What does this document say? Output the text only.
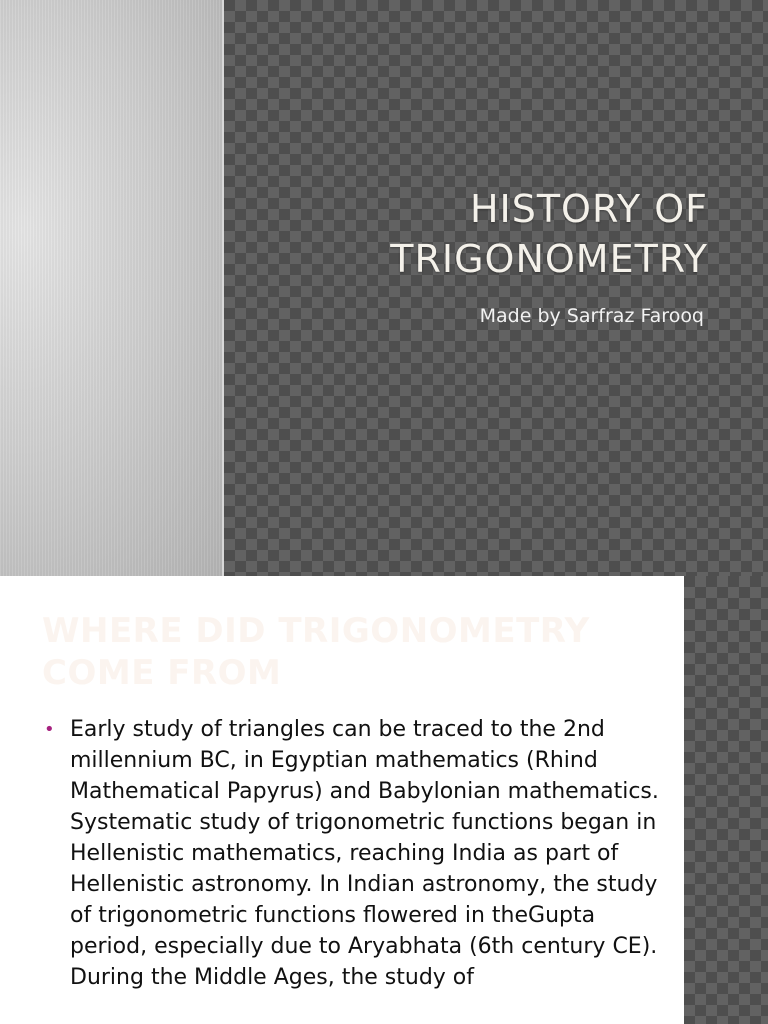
HISTORY OF
TRIGONOMETRY
Made by Sarfraz Farooq
WHERE DID TRIGONOMETRY
COME FROM
• Early study of triangles can be traced to the 2nd millennium BC, in Egyptian mathematics (Rhind Mathematical Papyrus) and Babylonian mathematics. Systematic study of trigonometric functions began in Hellenistic mathematics, reaching India as part of Hellenistic astronomy. In Indian astronomy, the study of trigonometric functions flowered in theGupta period, especially due to Aryabhata (6th century CE). During the Middle Ages, the study of
